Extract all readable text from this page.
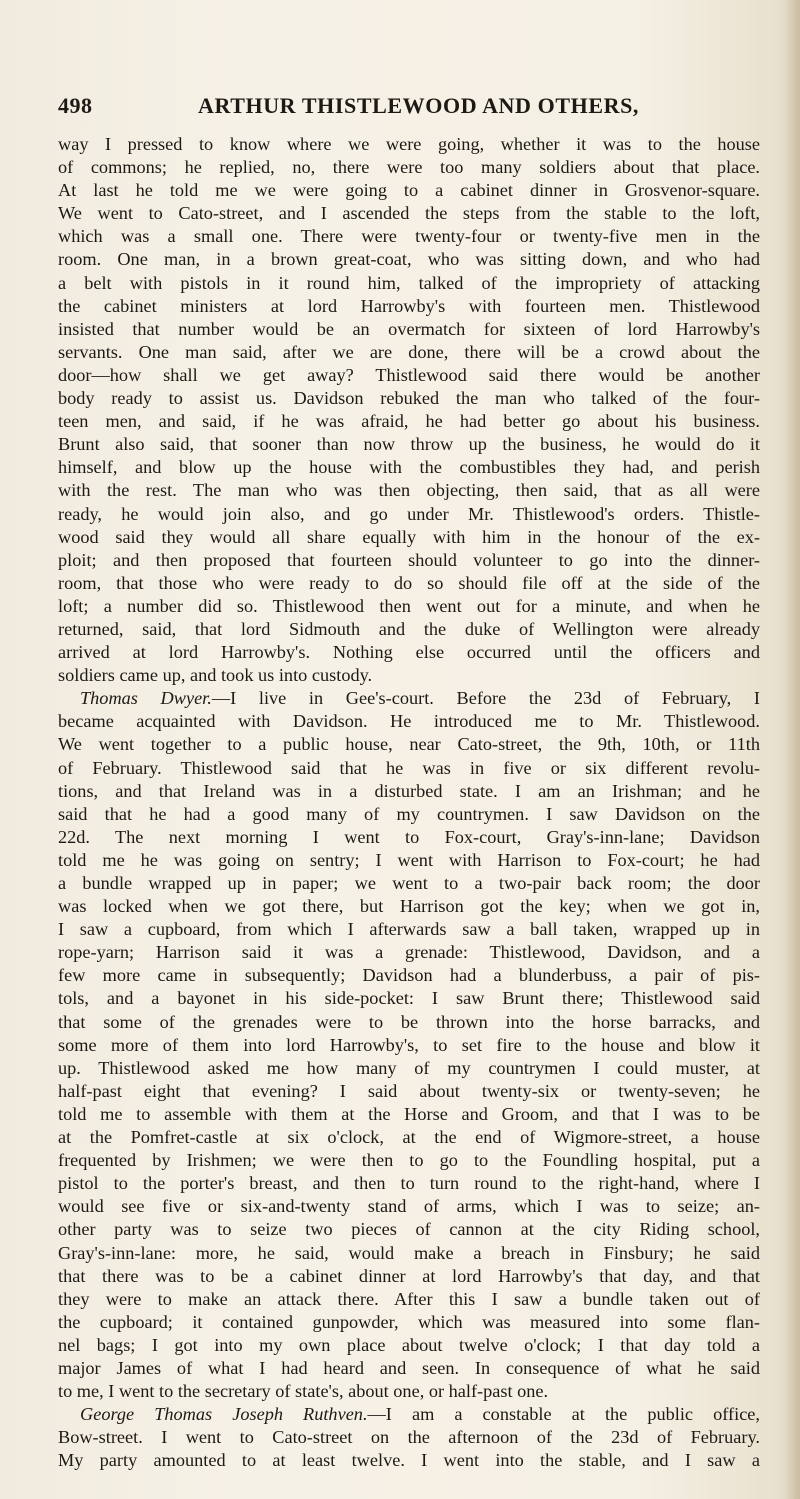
498	ARTHUR THISTLEWOOD AND OTHERS,
way I pressed to know where we were going, whether it was to the house
of commons; he replied, no, there were too many soldiers about that place.
At last he told me we were going to a cabinet dinner in Grosvenor-square.
We went to Cato-street, and I ascended the steps from the stable to the loft,
which was a small one. There were twenty-four or twenty-five men in the
room. One man, in a brown great-coat, who was sitting down, and who had
a belt with pistols in it round him, talked of the impropriety of attacking
the cabinet ministers at lord Harrowby's with fourteen men. Thistlewood
insisted that number would be an overmatch for sixteen of lord Harrowby's
servants. One man said, after we are done, there will be a crowd about the
door—how shall we get away? Thistlewood said there would be another
body ready to assist us. Davidson rebuked the man who talked of the four-
teen men, and said, if he was afraid, he had better go about his business.
Brunt also said, that sooner than now throw up the business, he would do it
himself, and blow up the house with the combustibles they had, and perish
with the rest. The man who was then objecting, then said, that as all were
ready, he would join also, and go under Mr. Thistlewood's orders. Thistle-
wood said they would all share equally with him in the honour of the ex-
ploit; and then proposed that fourteen should volunteer to go into the dinner-
room, that those who were ready to do so should file off at the side of the
loft; a number did so. Thistlewood then went out for a minute, and when he
returned, said, that lord Sidmouth and the duke of Wellington were already
arrived at lord Harrowby's. Nothing else occurred until the officers and
soldiers came up, and took us into custody.
Thomas Dwyer.—I live in Gee's-court. Before the 23d of February, I
became acquainted with Davidson. He introduced me to Mr. Thistlewood.
We went together to a public house, near Cato-street, the 9th, 10th, or 11th
of February. Thistlewood said that he was in five or six different revolu-
tions, and that Ireland was in a disturbed state. I am an Irishman; and he
said that he had a good many of my countrymen. I saw Davidson on the
22d. The next morning I went to Fox-court, Gray's-inn-lane; Davidson
told me he was going on sentry; I went with Harrison to Fox-court; he had
a bundle wrapped up in paper; we went to a two-pair back room; the door
was locked when we got there, but Harrison got the key; when we got in,
I saw a cupboard, from which I afterwards saw a ball taken, wrapped up in
rope-yarn; Harrison said it was a grenade: Thistlewood, Davidson, and a
few more came in subsequently; Davidson had a blunderbuss, a pair of pis-
tols, and a bayonet in his side-pocket: I saw Brunt there; Thistlewood said
that some of the grenades were to be thrown into the horse barracks, and
some more of them into lord Harrowby's, to set fire to the house and blow it
up. Thistlewood asked me how many of my countrymen I could muster, at
half-past eight that evening? I said about twenty-six or twenty-seven; he
told me to assemble with them at the Horse and Groom, and that I was to be
at the Pomfret-castle at six o'clock, at the end of Wigmore-street, a house
frequented by Irishmen; we were then to go to the Foundling hospital, put a
pistol to the porter's breast, and then to turn round to the right-hand, where I
would see five or six-and-twenty stand of arms, which I was to seize; an-
other party was to seize two pieces of cannon at the city Riding school,
Gray's-inn-lane: more, he said, would make a breach in Finsbury; he said
that there was to be a cabinet dinner at lord Harrowby's that day, and that
they were to make an attack there. After this I saw a bundle taken out of
the cupboard; it contained gunpowder, which was measured into some flan-
nel bags; I got into my own place about twelve o'clock; I that day told a
major James of what I had heard and seen. In consequence of what he said
to me, I went to the secretary of state's, about one, or half-past one.
George Thomas Joseph Ruthven.—I am a constable at the public office,
Bow-street. I went to Cato-street on the afternoon of the 23d of February.
My party amounted to at least twelve. I went into the stable, and I saw a
